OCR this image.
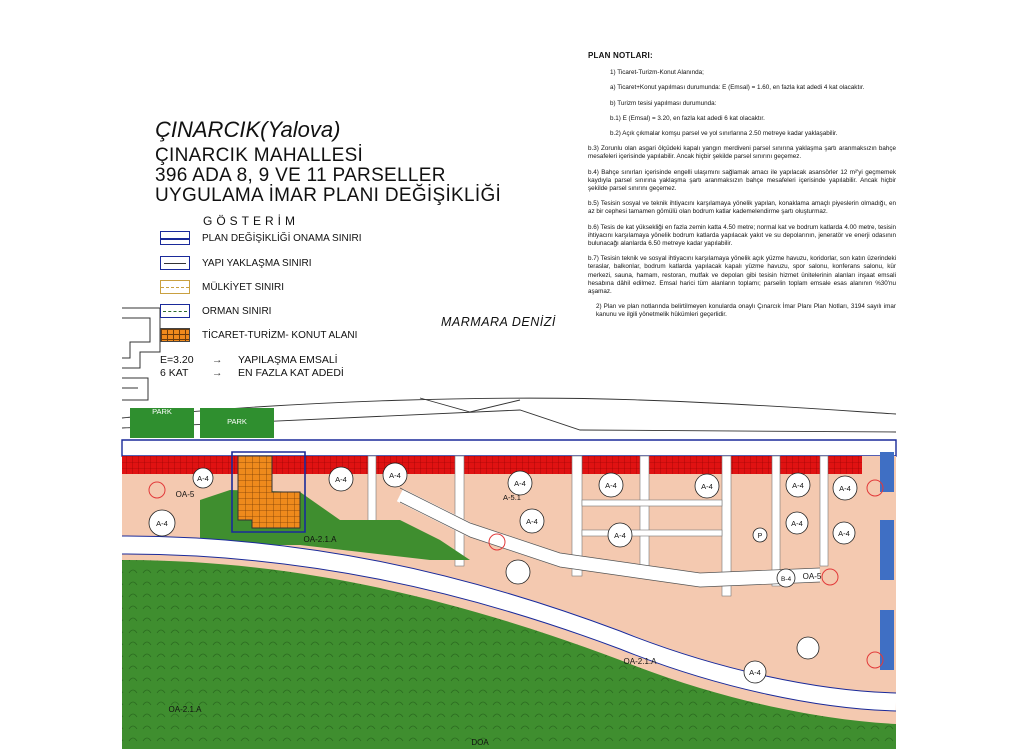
PARK
PARK
A-4
A-4	A-4	A-4
A-4	A-4	A-4	A-4	A-4
A-4
A-4
A-4
A-4
A-4
A-5.1
B-4
P
OA-5
OA-2.1.A
OA-2.1.A
OA-2.1.A
OA-5
DOA
ÇINARCIK(Yalova)
ÇINARCIK MAHALLESİ
396 ADA 8, 9 VE 11 PARSELLER
UYGULAMA İMAR PLANI DEĞİŞİKLİĞİ
GÖSTERİM
PLAN DEĞİŞİKLİĞİ ONAMA SINIRI
YAPI YAKLAŞMA SINIRI
MÜLKİYET SINIRI
ORMAN SINIRI
TİCARET-TURİZM- KONUT ALANI
E=3.20	→	YAPILAŞMA EMSALİ
6 KAT	→	EN FAZLA KAT ADEDİ
MARMARA DENİZİ
PLAN NOTLARI:

1) Ticaret-Turizm-Konut Alanında;

a) Ticaret+Konut yapılması durumunda: E (Emsal) = 1.60, en fazla kat adedi 4 kat olacaktır.

b) Turizm tesisi yapılması durumunda:

b.1) E (Emsal) = 3.20, en fazla kat adedi 6 kat olacaktır.

b.2) Açık çıkmalar komşu parsel ve yol sınırlarına 2.50 metreye kadar yaklaşabilir.

b.3) Zorunlu olan asgari ölçüdeki kapalı yangın merdiveni parsel sınırına yaklaşma şartı aranmaksızın bahçe mesafeleri içerisinde yapılabilir. Ancak hiçbir şekilde parsel sınırını geçemez.

b.4) Bahçe sınırları içerisinde engelli ulaşımını sağlamak amacı ile yapılacak asansörler 12 m²'yi geçmemek kaydıyla parsel sınırına yaklaşma şartı aranmaksızın bahçe mesafeleri içerisinde yapılabilir. Ancak hiçbir şekilde parsel sınırını geçemez.

b.5) Tesisin sosyal ve teknik ihtiyacını karşılamaya yönelik yapılan, konaklama amaçlı piyeslerin olmadığı, en az bir cephesi tamamen gömülü olan bodrum katlar kademelendirme şartı oluşturmaz.

b.6) Tesis de kat yüksekliği en fazla zemin katta 4.50 metre; normal kat ve bodrum katlarda 4.00 metre, tesisin ihtiyacını karşılamaya yönelik bodrum katlarda yapılacak yakıt ve su depolarının, jeneratör ve enerji odasının bulunacağı alanlarda 6.50 metreye kadar yapılabilir.

b.7) Tesisin teknik ve sosyal ihtiyacını karşılamaya yönelik açık yüzme havuzu, koridorlar, son katın üzerindeki teraslar, balkonlar, bodrum katlarda yapılacak kapalı yüzme havuzu, spor salonu, konferans salonu, kür merkezi, sauna, hamam, restoran, mutfak ve depolan gibi tesisin hizmet ünitelerinin alanları inşaat emsali hesabına dâhil edilmez. Emsal harici tüm alanların toplamı; parselin toplam emsale esas alanının %30'nu aşamaz.

2) Plan ve plan notlarında belirtilmeyen konularda onaylı Çınarcık İmar Planı Plan Notları, 3194 sayılı imar kanunu ve ilgili yönetmelik hükümleri geçerlidir.
